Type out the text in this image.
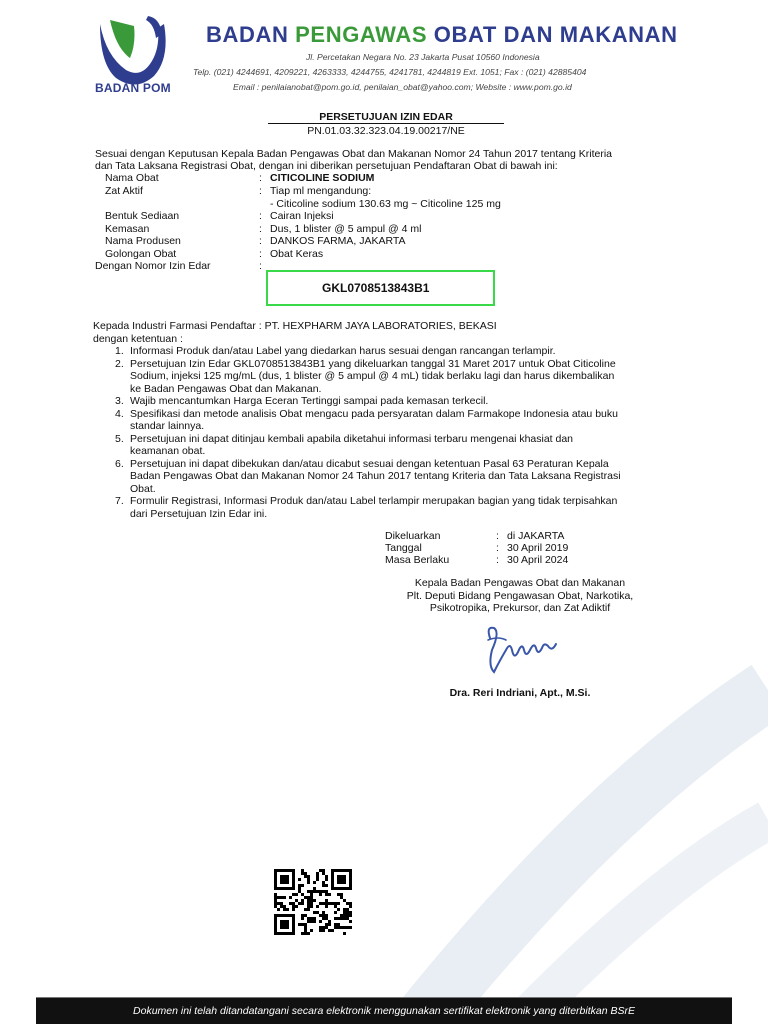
BADAN POM
BADAN PENGAWAS OBAT DAN MAKANAN
Jl. Percetakan Negara No. 23 Jakarta Pusat 10560 Indonesia
Telp. (021) 4244691, 4209221, 4263333, 4244755, 4241781, 4244819 Ext. 1051; Fax : (021) 42885404
Email : penilaianobat@pom.go.id, penilaian_obat@yahoo.com; Website : www.pom.go.id
PERSETUJUAN IZIN EDAR
PN.01.03.32.323.04.19.00217/NE
Sesuai dengan Keputusan Kepala Badan Pengawas Obat dan Makanan Nomor 24 Tahun 2017 tentang Kriteria
dan Tata Laksana Registrasi Obat, dengan ini diberikan persetujuan Pendaftaran Obat di bawah ini:
Nama Obat	: CITICOLINE SODIUM
Zat Aktif	: Tiap ml mengandung:
- Citicoline sodium 130.63 mg ~ Citicoline 125 mg
Bentuk Sediaan	: Cairan Injeksi
Kemasan	: Dus, 1 blister @ 5 ampul @ 4 ml
Nama Produsen	: DANKOS FARMA, JAKARTA
Golongan Obat	: Obat Keras
Dengan Nomor Izin Edar	:
GKL0708513843B1
Kepada Industri Farmasi Pendaftar : PT. HEXPHARM JAYA LABORATORIES, BEKASI
dengan ketentuan :
1. Informasi Produk dan/atau Label yang diedarkan harus sesuai dengan rancangan terlampir.
2. Persetujuan Izin Edar GKL0708513843B1 yang dikeluarkan tanggal 31 Maret 2017 untuk Obat Citicoline
Sodium, injeksi 125 mg/mL (dus, 1 blister @ 5 ampul @ 4 mL) tidak berlaku lagi dan harus dikembalikan
ke Badan Pengawas Obat dan Makanan.
3. Wajib mencantumkan Harga Eceran Tertinggi sampai pada kemasan terkecil.
4. Spesifikasi dan metode analisis Obat mengacu pada persyaratan dalam Farmakope Indonesia atau buku
standar lainnya.
5. Persetujuan ini dapat ditinjau kembali apabila diketahui informasi terbaru mengenai khasiat dan
keamanan obat.
6. Persetujuan ini dapat dibekukan dan/atau dicabut sesuai dengan ketentuan Pasal 63 Peraturan Kepala
Badan Pengawas Obat dan Makanan Nomor 24 Tahun 2017 tentang Kriteria dan Tata Laksana Registrasi
Obat.
7. Formulir Registrasi, Informasi Produk dan/atau Label terlampir merupakan bagian yang tidak terpisahkan
dari Persetujuan Izin Edar ini.
Dikeluarkan	: di JAKARTA
Tanggal	: 30 April 2019
Masa Berlaku	: 30 April 2024
Kepala Badan Pengawas Obat dan Makanan
Plt. Deputi Bidang Pengawasan Obat, Narkotika,
Psikotropika, Prekursor, dan Zat Adiktif
Dra. Reri Indriani, Apt., M.Si.
Dokumen ini telah ditandatangani secara elektronik menggunakan sertifikat elektronik yang diterbitkan BSrE
